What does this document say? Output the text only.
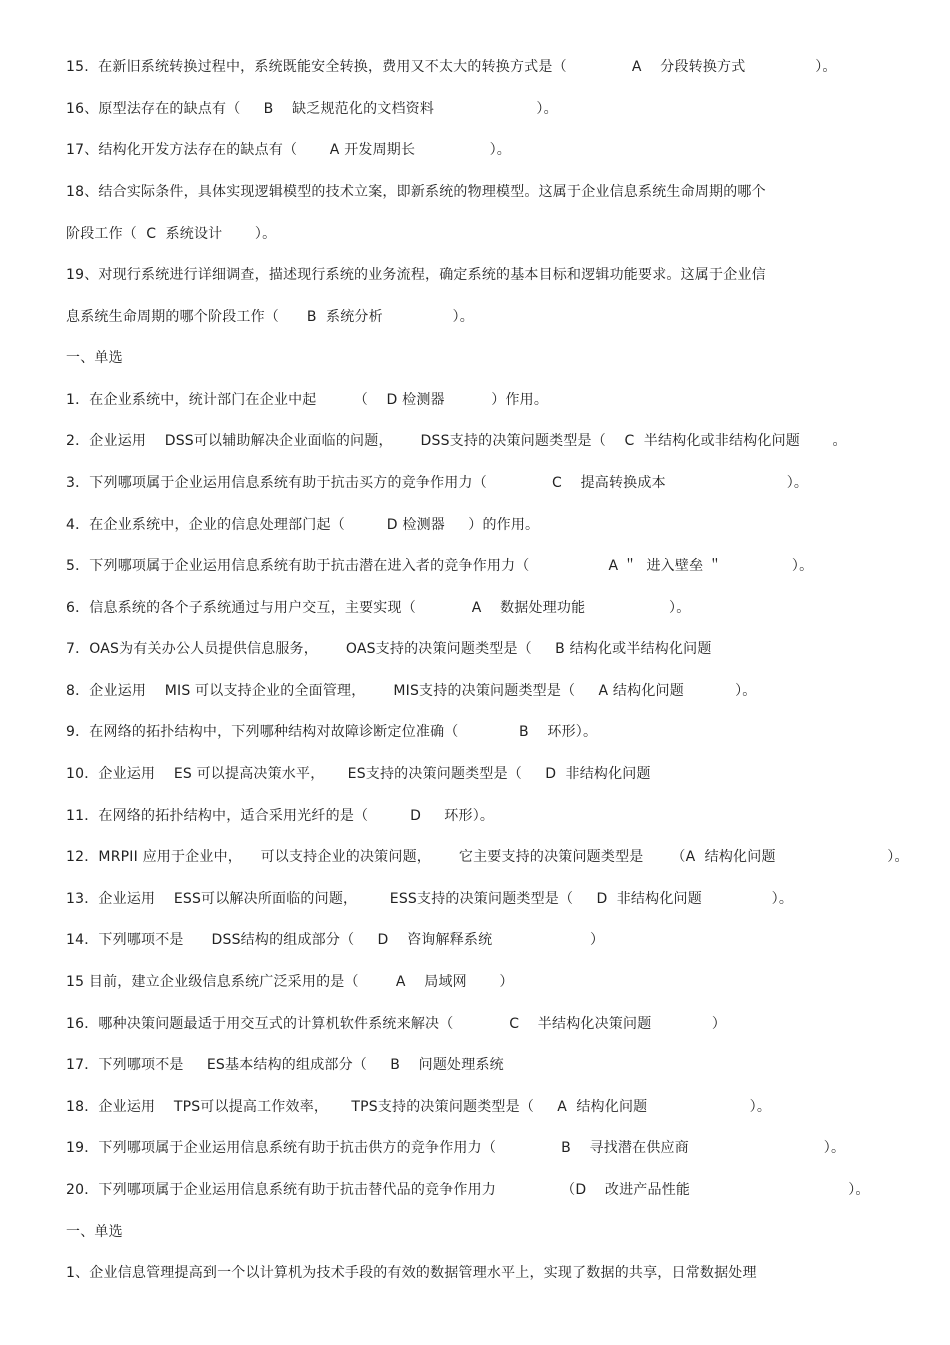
15.  在新旧系统转换过程中，系统既能安全转换，费用又不太大的转换方式是（              A    分段转换方式               ）。
16、原型法存在的缺点有（     B    缺乏规范化的文档资料                      ）。
17、结构化开发方法存在的缺点有（       A 开发周期长                ）。
18、结合实际条件，具体实现逻辑模型的技术立案，即新系统的物理模型。这属于企业信息系统生命周期的哪个
阶段工作（  C  系统设计       ）。
19、对现行系统进行详细调查，描述现行系统的业务流程，确定系统的基本目标和逻辑功能要求。这属于企业信
息系统生命周期的哪个阶段工作（      B  系统分析               ）。
一、单选
1．在企业系统中，统计部门在企业中起        （    D 检测器          ）作用。
2．企业运用    DSS可以辅助解决企业面临的问题，      DSS支持的决策问题类型是（    C  半结构化或非结构化问题       。
3．下列哪项属于企业运用信息系统有助于抗击买方的竞争作用力（              C    提高转换成本                          ）。
4．在企业系统中，企业的信息处理部门起（         D 检测器     ）的作用。
5．下列哪项属于企业运用信息系统有助于抗击潜在进入者的竞争作用力（                 A ＂  进入壁垒 ＂               ）。
6．信息系统的各个子系统通过与用户交互，主要实现（            A    数据处理功能                  ）。
7．OAS为有关办公人员提供信息服务，      OAS支持的决策问题类型是（     B 结构化或半结构化问题
8．企业运用    MIS 可以支持企业的全面管理，      MIS支持的决策问题类型是（     A 结构化问题           ）。
9．在网络的拓扑结构中，下列哪种结构对故障诊断定位准确（             B    环形）。
10．企业运用    ES 可以提高决策水平，     ES支持的决策问题类型是（     D  非结构化问题
11．在网络的拓扑结构中，适合采用光纤的是（         D     环形）。
12．MRPII 应用于企业中，    可以支持企业的决策问题，      它主要支持的决策问题类型是      （A  结构化问题                        ）。
13．企业运用    ESS可以解决所面临的问题，       ESS支持的决策问题类型是（     D  非结构化问题               ）。
14．下列哪项不是      DSS结构的组成部分（     D    咨询解释系统                     ）
15 目前，建立企业级信息系统广泛采用的是（        A    局域网       ）
16．哪种决策问题最适于用交互式的计算机软件系统来解决（            C    半结构化决策问题             ）
17．下列哪项不是     ES基本结构的组成部分（     B    问题处理系统
18．企业运用    TPS可以提高工作效率，     TPS支持的决策问题类型是（     A  结构化问题                      ）。
19．下列哪项属于企业运用信息系统有助于抗击供方的竞争作用力（              B    寻找潜在供应商                             ）。
20．下列哪项属于企业运用信息系统有助于抗击替代品的竞争作用力              （D    改进产品性能                                  ）。
一、单选
1、企业信息管理提高到一个以计算机为技术手段的有效的数据管理水平上，实现了数据的共享，日常数据处理
